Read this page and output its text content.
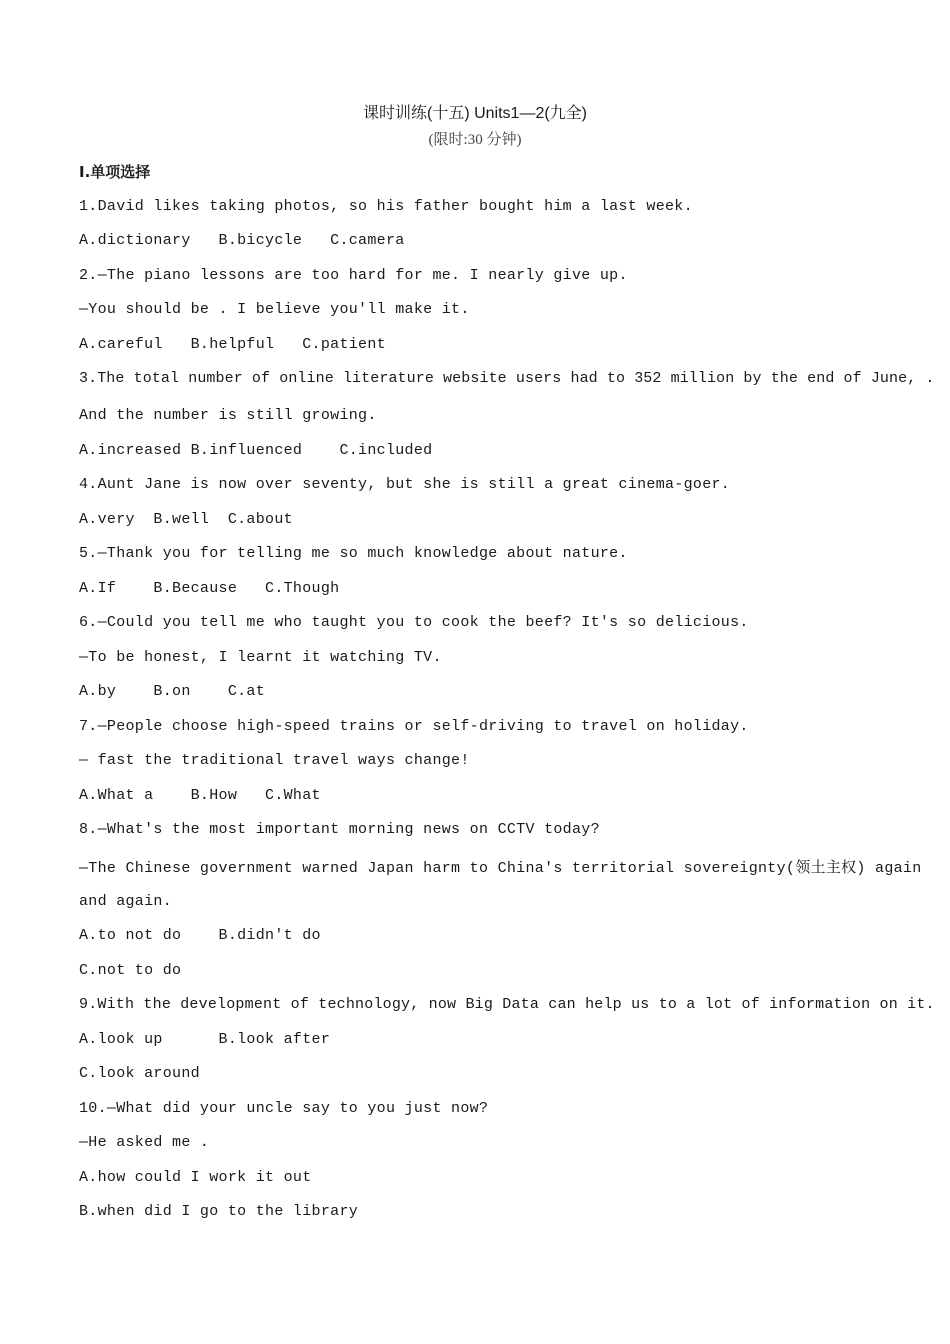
课时训练(十五) Units1—2(九全)
(限时:30 分钟)
Ⅰ.单项选择
1.David likes taking photos, so his father bought him a last week.
A.dictionary   B.bicycle   C.camera
2.—The piano lessons are too hard for me. I nearly give up.
—You should be . I believe you'll make it.
A.careful   B.helpful   C.patient
3.The total number of online literature website users had to 352 million by the end of June, .
And the number is still growing.
A.increased B.influenced    C.included
4.Aunt Jane is now over seventy, but she is still a great cinema-goer.
A.very  B.well  C.about
5.—Thank you for telling me so much knowledge about nature.
A.If    B.Because   C.Though
6.—Could you tell me who taught you to cook the beef? It's so delicious.
—To be honest, I learnt it watching TV.
A.by    B.on    C.at
7.—People choose high-speed trains or self-driving to travel on holiday.
— fast the traditional travel ways change!
A.What a    B.How   C.What
8.—What's the most important morning news on CCTV today?
—The Chinese government warned Japan harm to China's territorial sovereignty(领土主权) again
and again.
A.to not do    B.didn't do
C.not to do
9.With the development of technology, now Big Data can help us to a lot of information on it.
A.look up      B.look after
C.look around
10.—What did your uncle say to you just now?
—He asked me .
A.how could I work it out
B.when did I go to the library
